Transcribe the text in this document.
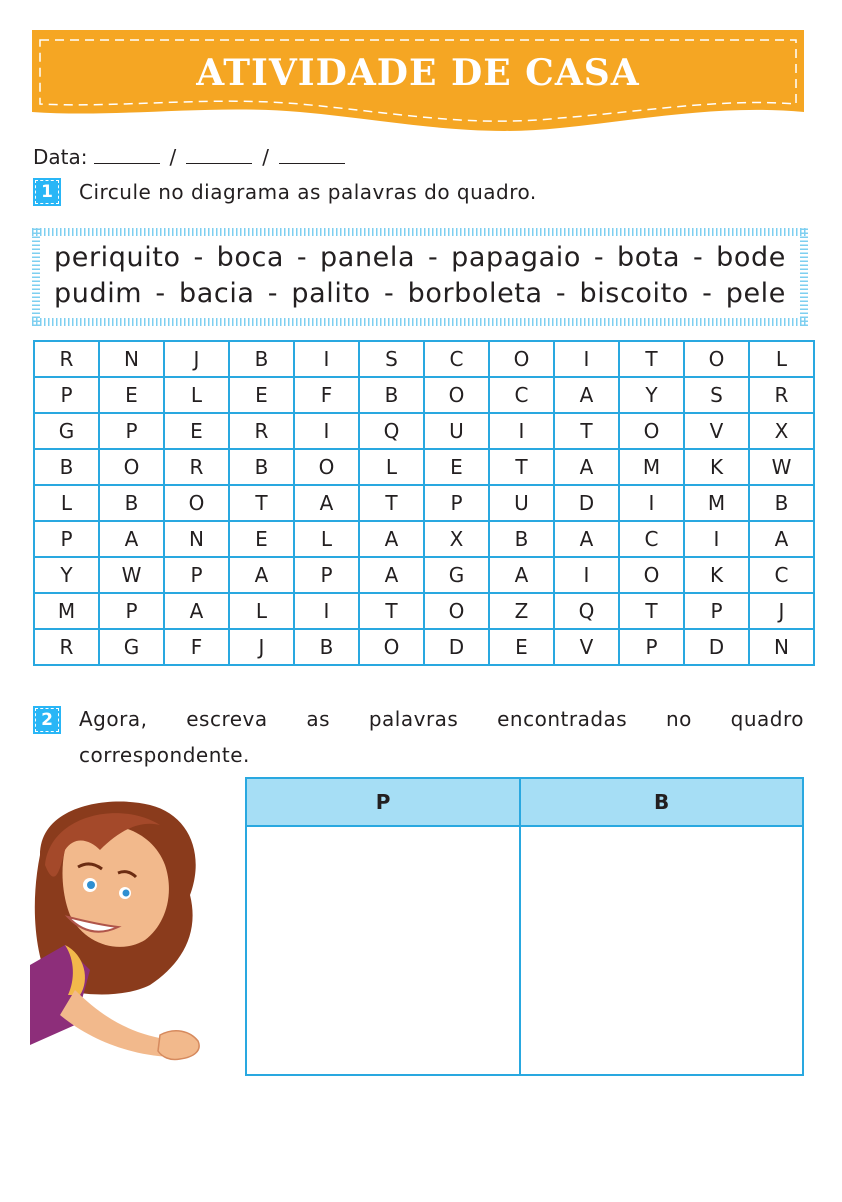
ATIVIDADE DE CASA
Data:	/	/
1	Circule no diagrama as palavras do quadro.
periquito - boca - panela - papagaio - bota - bode
pudim - bacia - palito - borboleta - biscoito - pele
R	N	J	B	I	S	C	O	I	T	O	L
P	E	L	E	F	B	O	C	A	Y	S	R
G	P	E	R	I	Q	U	I	T	O	V	X
B	O	R	B	O	L	E	T	A	M	K	W
L	B	O	T	A	T	P	U	D	I	M	B
P	A	N	E	L	A	X	B	A	C	I	A
Y	W	P	A	P	A	G	A	I	O	K	C
M	P	A	L	I	T	O	Z	Q	T	P	J
R	G	F	J	B	O	D	E	V	P	D	N
2	Agora, escreva as palavras encontradas no quadro
correspondente.
P	B
